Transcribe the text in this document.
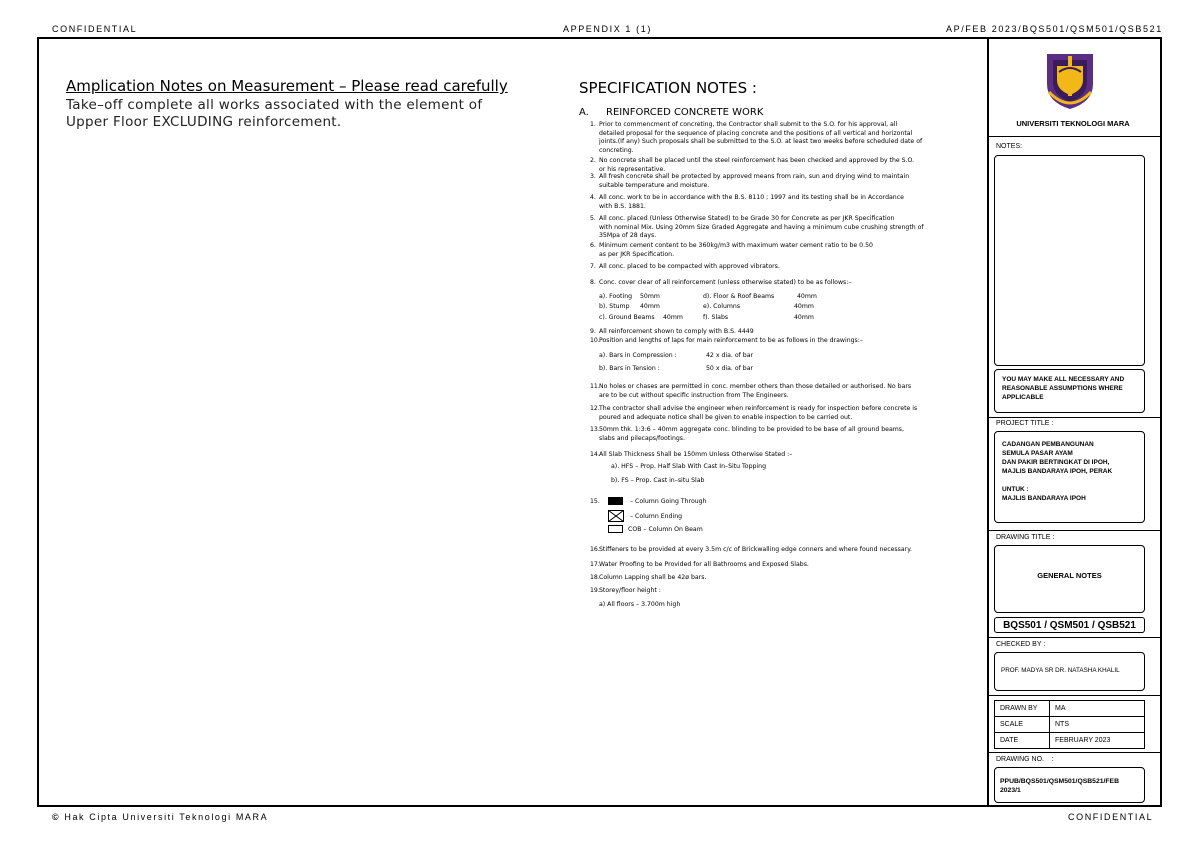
CONFIDENTIAL	APPENDIX 1 (1)	AP/FEB 2023/BQS501/QSM501/QSB521
Amplication Notes on Measurement – Please read carefully
Take–off complete all works associated with the element of
Upper Floor EXCLUDING reinforcement.
SPECIFICATION NOTES :
A. REINFORCED CONCRETE WORK
1. Prior to commencment of concreting, the Contractor shall submit to the S.O. for his approval, all
detailed proposal for the sequence of placing concrete and the positions of all vertical and horizontal
joints.(If any) Such proposals shall be submitted to the S.O. at least two weeks before scheduled date of
concreting.
2. No concrete shall be placed until the steel reinforcement has been checked and approved by the S.O.
or his representative.
3. All fresh concrete shall be protected by approved means from rain, sun and drying wind to maintain
suitable temperature and moisture.
4. All conc. work to be in accordance with the B.S. 8110 ; 1997 and its testing shall be in Accordance
with B.S. 1881.
5. All conc. placed (Unless Otherwise Stated) to be Grade 30 for Concrete as per JKR Specification
with nominal Mix. Using 20mm Size Graded Aggregate and having a minimum cube crushing strength of
35Mpa of 28 days.
6. Minimum cement content to be 360kg/m3 with maximum water cement ratio to be 0.50
as per JKR Specification.
7. All conc. placed to be compacted with approved vibrators.
8. Conc. cover clear of all reinforcement (unless otherwise stated) to be as follows:–
a). Footing 50mm	d). Floor & Roof Beams	40mm
b). Stump 40mm	e). Columns	40mm
c). Ground Beams 40mm	f). Slabs	40mm
9. All reinforcement shown to comply with B.S. 4449
10. Position and lengths of laps for main reinforcement to be as follows in the drawings:–
a). Bars in Compression :	42 x dia. of bar
b). Bars in Tension :	50 x dia. of bar
11. No holes or chases are permitted in conc. member others than those detailed or authorised. No bars
are to be cut without specific instruction from The Engineers.
12. The contractor shall advise the engineer when reinforcement is ready for inspection before concrete is
poured and adequate notice shall be given to enable inspection to be carried out.
13. 50mm thk. 1:3:6 – 40mm aggregate conc. blinding to be provided to be base of all ground beams,
slabs and pilecaps/footings.
14. All Slab Thickness Shall be 150mm Unless Otherwise Stated :–
a). HFS – Prop. Half Slab With Cast In–Situ Topping
b). FS – Prop. Cast in–situ Slab
15.	– Column Going Through
– Column Ending
COB – Column On Beam
16. Stiffeners to be provided at every 3.5m c/c of Brickwalling edge conners and where found necessary.
17. Water Proofing to be Provided for all Bathrooms and Exposed Slabs.
18. Column Lapping shall be 42ø bars.
19. Storey/floor height :
a) All floors – 3.700m high
UNIVERSITI TEKNOLOGI MARA
NOTES:
YOU MAY MAKE ALL NECESSARY AND
REASONABLE ASSUMPTIONS WHERE
APPLICABLE
PROJECT TITLE :
CADANGAN PEMBANGUNAN
SEMULA PASAR AYAM
DAN PAKIR BERTINGKAT DI IPOH,
MAJLIS BANDARAYA IPOH, PERAK
UNTUK :
MAJLIS BANDARAYA IPOH
DRAWING TITLE :
GENERAL NOTES
BQS501 / QSM501 / QSB521
CHECKED BY :
PROF. MADYA SR DR. NATASHA KHALIL
DRAWN BY	MA
SCALE	NTS
DATE	FEBRUARY 2023
DRAWING NO.    :
PPUB/BQS501/QSM501/QSB521/FEB
2023/1
© Hak Cipta Universiti Teknologi MARA	CONFIDENTIAL
